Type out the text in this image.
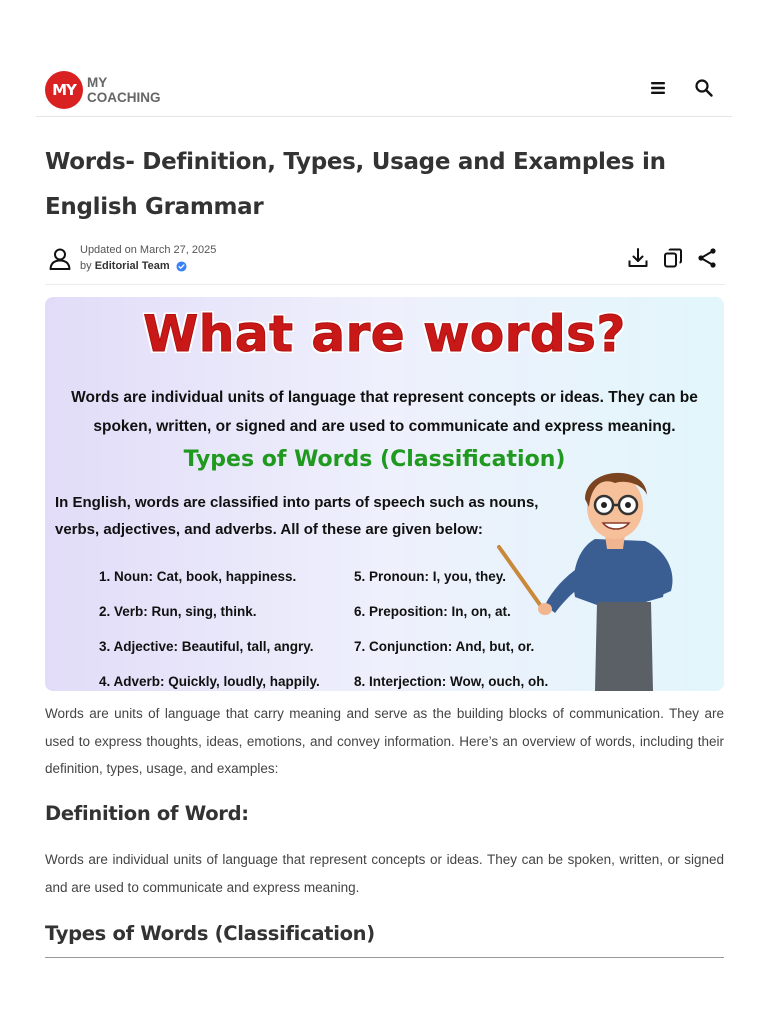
MY MY
COACHING
Words- Definition, Types, Usage and Examples in English Grammar
Updated on March 27, 2025
by Editorial Team
What are words?
Words are individual units of language that represent concepts or ideas. They can be spoken, written, or signed and are used to communicate and express meaning.
Types of Words (Classification)
In English, words are classified into parts of speech such as nouns, verbs, adjectives, and adverbs. All of these are given below:
1. Noun: Cat, book, happiness.
2. Verb: Run, sing, think.
3. Adjective: Beautiful, tall, angry.
4. Adverb: Quickly, loudly, happily.
5. Pronoun: I, you, they.
6. Preposition: In, on, at.
7. Conjunction: And, but, or.
8. Interjection: Wow, ouch, oh.

Words are units of language that carry meaning and serve as the building blocks of communication. They are used to express thoughts, ideas, emotions, and convey information. Here’s an overview of words, including their definition, types, usage, and examples:

Definition of Word:

Words are individual units of language that represent concepts or ideas. They can be spoken, written, or signed and are used to communicate and express meaning.

Types of Words (Classification)
